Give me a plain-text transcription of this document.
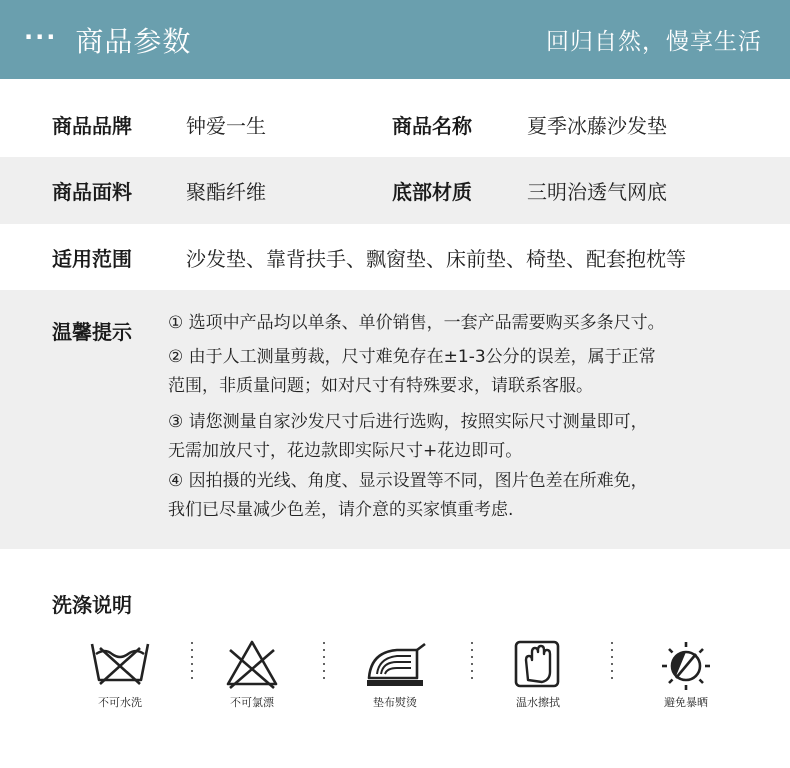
··· 商品参数	回归自然，慢享生活
商品品牌	钟爱一生	商品名称	夏季冰藤沙发垫
商品面料	聚酯纤维	底部材质	三明治透气网底
适用范围	沙发垫、靠背扶手、飘窗垫、床前垫、椅垫、配套抱枕等
温馨提示 ① 选项中产品均以单条、单价销售，一套产品需要购买多条尺寸。
② 由于人工测量剪裁，尺寸难免存在±1-3公分的误差，属于正常
范围，非质量问题；如对尺寸有特殊要求，请联系客服。
③ 请您测量自家沙发尺寸后进行选购，按照实际尺寸测量即可，
无需加放尺寸，花边款即实际尺寸+花边即可。
④ 因拍摄的光线、角度、显示设置等不同，图片色差在所难免，
我们已尽量减少色差，请介意的买家慎重考虑.
洗涤说明
不可水洗	不可氯漂	垫布熨烫	温水擦拭	避免暴晒
